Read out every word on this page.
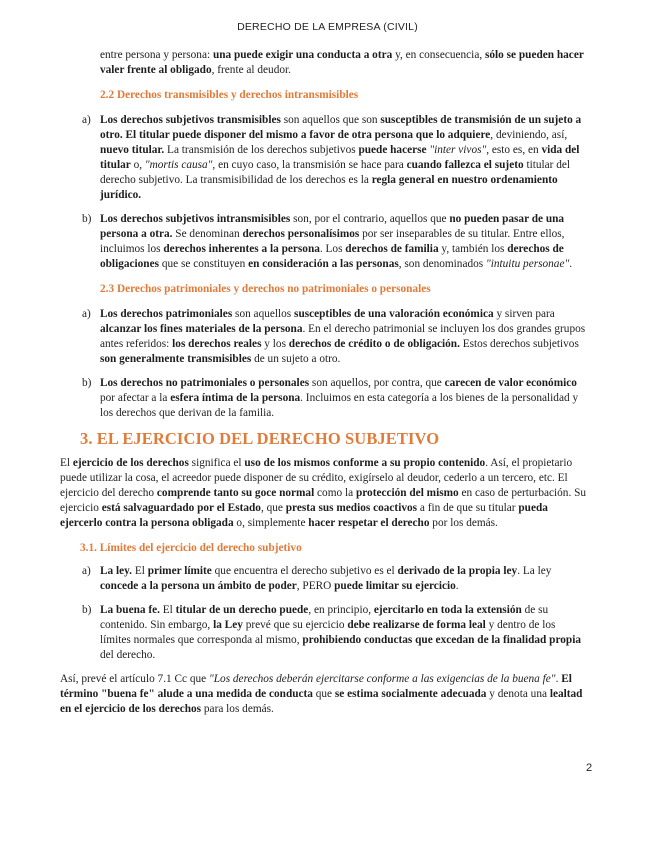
DERECHO DE LA EMPRESA (CIVIL)

entre persona y persona: una puede exigir una conducta a otra y, en consecuencia, sólo se pueden hacer valer frente al obligado, frente al deudor.

2.2 Derechos transmisibles y derechos intransmisibles

a) Los derechos subjetivos transmisibles son aquellos que son susceptibles de transmisión de un sujeto a otro. El titular puede disponer del mismo a favor de otra persona que lo adquiere, deviniendo, así, nuevo titular. La transmisión de los derechos subjetivos puede hacerse "inter vivos", esto es, en vida del titular o, "mortis causa", en cuyo caso, la transmisión se hace para cuando fallezca el sujeto titular del derecho subjetivo. La transmisibilidad de los derechos es la regla general en nuestro ordenamiento jurídico.

b) Los derechos subjetivos intransmisibles son, por el contrario, aquellos que no pueden pasar de una persona a otra. Se denominan derechos personalísimos por ser inseparables de su titular. Entre ellos, incluimos los derechos inherentes a la persona. Los derechos de familia y, también los derechos de obligaciones que se constituyen en consideración a las personas, son denominados "intuitu personae".

2.3 Derechos patrimoniales y derechos no patrimoniales o personales

a) Los derechos patrimoniales son aquellos susceptibles de una valoración económica y sirven para alcanzar los fines materiales de la persona. En el derecho patrimonial se incluyen los dos grandes grupos antes referidos: los derechos reales y los derechos de crédito o de obligación. Estos derechos subjetivos son generalmente transmisibles de un sujeto a otro.

b) Los derechos no patrimoniales o personales son aquellos, por contra, que carecen de valor económico por afectar a la esfera íntima de la persona. Incluimos en esta categoría a los bienes de la personalidad y los derechos que derivan de la familia.

3. EL EJERCICIO DEL DERECHO SUBJETIVO

El ejercicio de los derechos significa el uso de los mismos conforme a su propio contenido. Así, el propietario puede utilizar la cosa, el acreedor puede disponer de su crédito, exigírselo al deudor, cederlo a un tercero, etc. El ejercicio del derecho comprende tanto su goce normal como la protección del mismo en caso de perturbación. Su ejercicio está salvaguardado por el Estado, que presta sus medios coactivos a fin de que su titular pueda ejercerlo contra la persona obligada o, simplemente hacer respetar el derecho por los demás.

3.1. Límites del ejercicio del derecho subjetivo

a) La ley. El primer límite que encuentra el derecho subjetivo es el derivado de la propia ley. La ley concede a la persona un ámbito de poder, PERO puede limitar su ejercicio.

b) La buena fe. El titular de un derecho puede, en principio, ejercitarlo en toda la extensión de su contenido. Sin embargo, la Ley prevé que su ejercicio debe realizarse de forma leal y dentro de los límites normales que corresponda al mismo, prohibiendo conductas que excedan de la finalidad propia del derecho.

Así, prevé el artículo 7.1 Cc que "Los derechos deberán ejercitarse conforme a las exigencias de la buena fe". El término "buena fe" alude a una medida de conducta que se estima socialmente adecuada y denota una lealtad en el ejercicio de los derechos para los demás.

2
